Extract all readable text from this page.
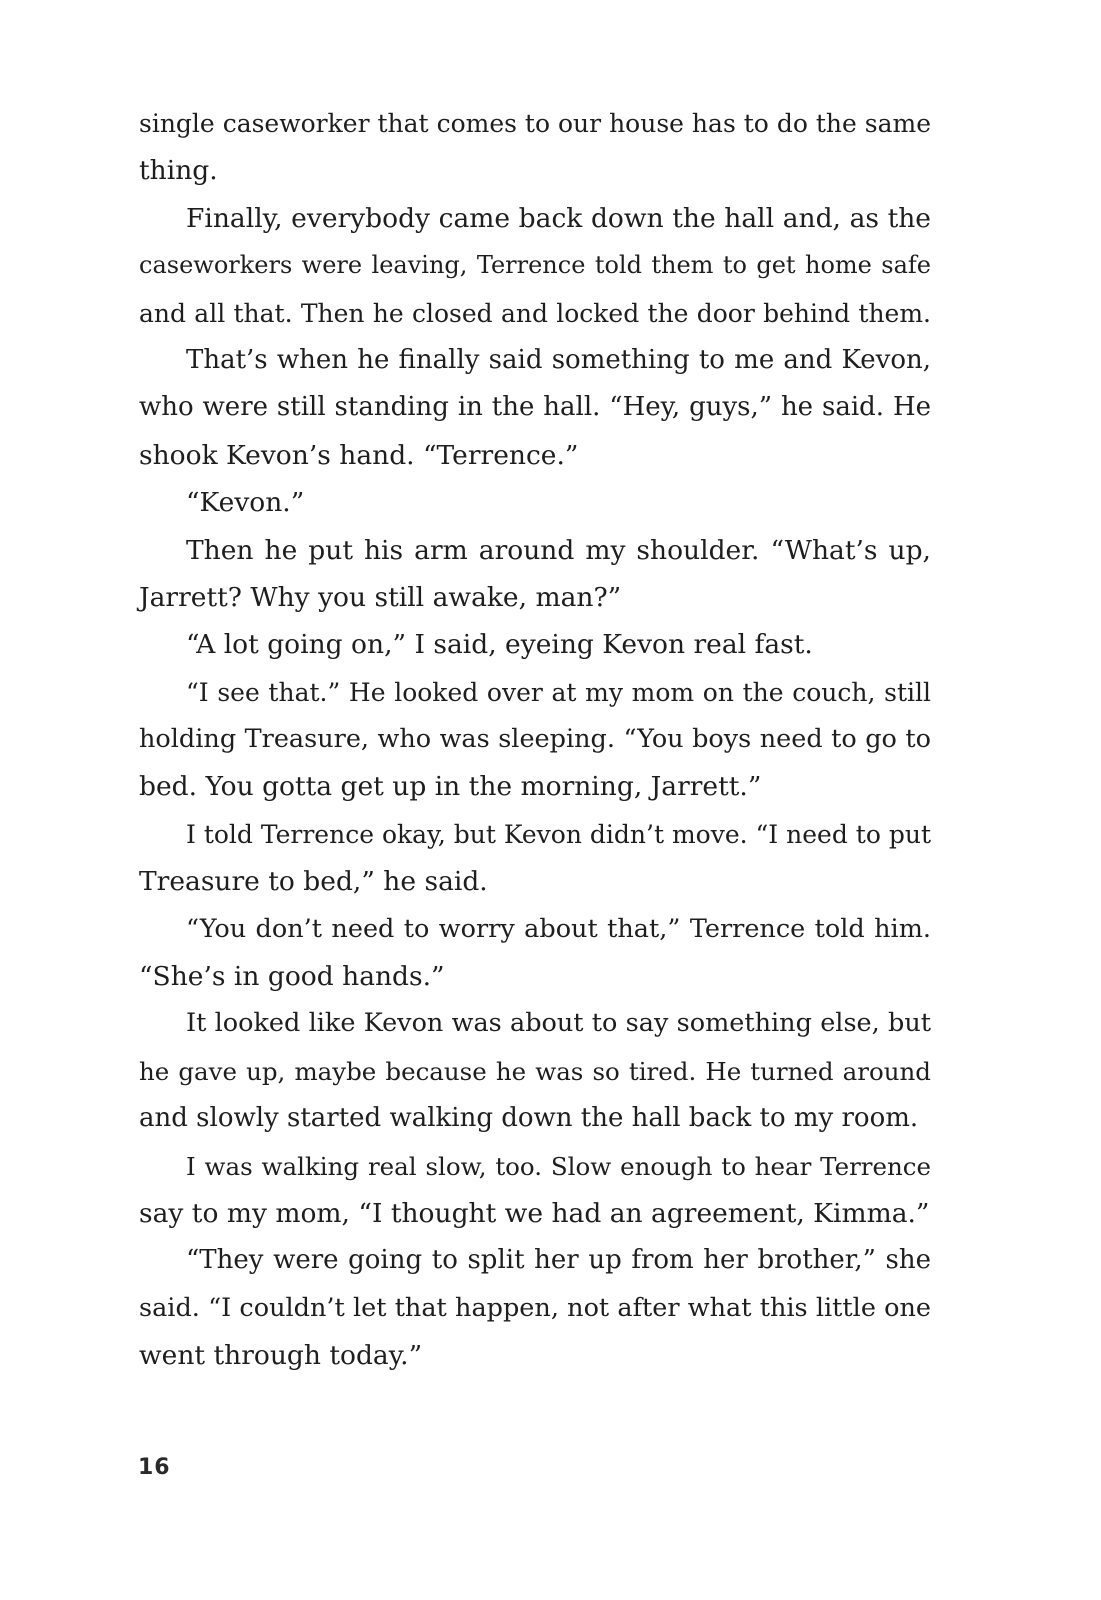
single caseworker that comes to our house has to do the same
thing.
Finally, everybody came back down the hall and, as the
caseworkers were leaving, Terrence told them to get home safe
and all that. Then he closed and locked the door behind them.
That’s when he finally said something to me and Kevon,
who were still standing in the hall. “Hey, guys,” he said. He
shook Kevon’s hand. “Terrence.”
“Kevon.”
Then he put his arm around my shoulder. “What’s up,
Jarrett? Why you still awake, man?”
“A lot going on,” I said, eyeing Kevon real fast.
“I see that.” He looked over at my mom on the couch, still
holding Treasure, who was sleeping. “You boys need to go to
bed. You gotta get up in the morning, Jarrett.”
I told Terrence okay, but Kevon didn’t move. “I need to put
Treasure to bed,” he said.
“You don’t need to worry about that,” Terrence told him.
“She’s in good hands.”
It looked like Kevon was about to say something else, but
he gave up, maybe because he was so tired. He turned around
and slowly started walking down the hall back to my room.
I was walking real slow, too. Slow enough to hear Terrence
say to my mom, “I thought we had an agreement, Kimma.”
“They were going to split her up from her brother,” she
said. “I couldn’t let that happen, not after what this little one
went through today.”
16
